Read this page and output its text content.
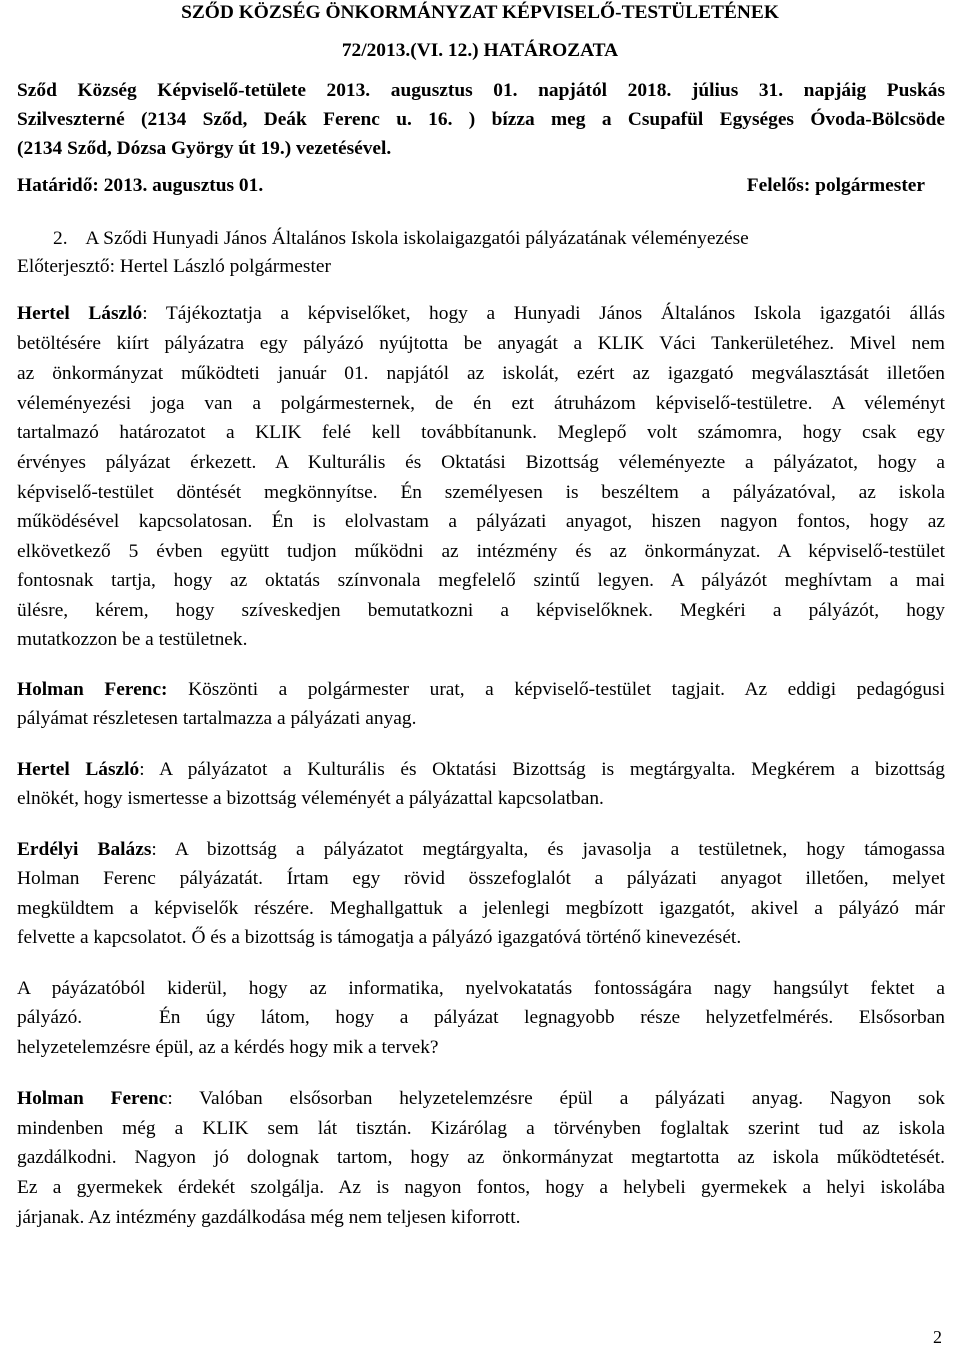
SZŐD KÖZSÉG ÖNKORMÁNYZAT KÉPVISELŐ-TESTÜLETÉNEK
72/2013.(VI. 12.) HATÁROZATA
Sződ Község Képviselő-tetülete 2013. augusztus 01. napjától 2018. július 31. napjáig Puskás
Szilveszterné (2134 Sződ, Deák Ferenc u. 16. ) bízza meg a Csupafül Egységes Óvoda-Bölcsöde
(2134 Sződ, Dózsa György út 19.) vezetésével.
Határidő: 2013. augusztus 01.	Felelős: polgármester
2. A Sződi Hunyadi János Általános Iskola iskolaigazgatói pályázatának véleményezése
Előterjesztő: Hertel László polgármester
Hertel László: Tájékoztatja a képviselőket, hogy a Hunyadi János Általános Iskola igazgatói állás
betöltésére kiírt pályázatra egy pályázó nyújtotta be anyagát a KLIK Váci Tankerületéhez. Mivel nem
az önkormányzat működteti január 01. napjától az iskolát, ezért az igazgató megválasztását illetően
véleményezési joga van a polgármesternek, de én ezt átruházom képviselő-testületre. A véleményt
tartalmazó határozatot a KLIK felé kell továbbítanunk. Meglepő volt számomra, hogy csak egy
érvényes pályázat érkezett. A Kulturális és Oktatási Bizottság véleményezte a pályázatot, hogy a
képviselő-testület döntését megkönnyítse. Én személyesen is beszéltem a pályázatóval, az iskola
működésével kapcsolatosan. Én is elolvastam a pályázati anyagot, hiszen nagyon fontos, hogy az
elkövetkező 5 évben együtt tudjon működni az intézmény és az önkormányzat. A képviselő-testület
fontosnak tartja, hogy az oktatás színvonala megfelelő szintű legyen. A pályázót meghívtam a mai
ülésre, kérem, hogy szíveskedjen bemutatkozni a képviselőknek. Megkéri a pályázót, hogy
mutatkozzon be a testületnek.
Holman Ferenc: Köszönti a polgármester urat, a képviselő-testület tagjait. Az eddigi pedagógusi
pályámat részletesen tartalmazza a pályázati anyag.
Hertel László: A pályázatot a Kulturális és Oktatási Bizottság is megtárgyalta. Megkérem a bizottság
elnökét, hogy ismertesse a bizottság véleményét a pályázattal kapcsolatban.
Erdélyi Balázs: A bizottság a pályázatot megtárgyalta, és javasolja a testületnek, hogy támogassa
Holman Ferenc pályázatát. Írtam egy rövid összefoglalót a pályázati anyagot illetően, melyet
megküldtem a képviselők részére. Meghallgattuk a jelenlegi megbízott igazgatót, akivel a pályázó már
felvette a kapcsolatot. Ő és a bizottság is támogatja a pályázó igazgatóvá történő kinevezését.
A páyázatóból kiderül, hogy az informatika, nyelvokatatás fontosságára nagy hangsúlyt fektet a
pályázó.   Én úgy látom, hogy a pályázat legnagyobb része helyzetfelmérés. Elsősorban
helyzetelemzésre épül, az a kérdés hogy mik a tervek?
Holman Ferenc: Valóban elsősorban helyzetelemzésre épül a pályázati anyag. Nagyon sok
mindenben még a KLIK sem lát tisztán. Kizárólag a törvényben foglaltak szerint tud az iskola
gazdálkodni. Nagyon jó dolognak tartom, hogy az önkormányzat megtartotta az iskola működtetését.
Ez a gyermekek érdekét szolgálja. Az is nagyon fontos, hogy a helybeli gyermekek a helyi iskolába
járjanak. Az intézmény gazdálkodása még nem teljesen kiforrott.
2
